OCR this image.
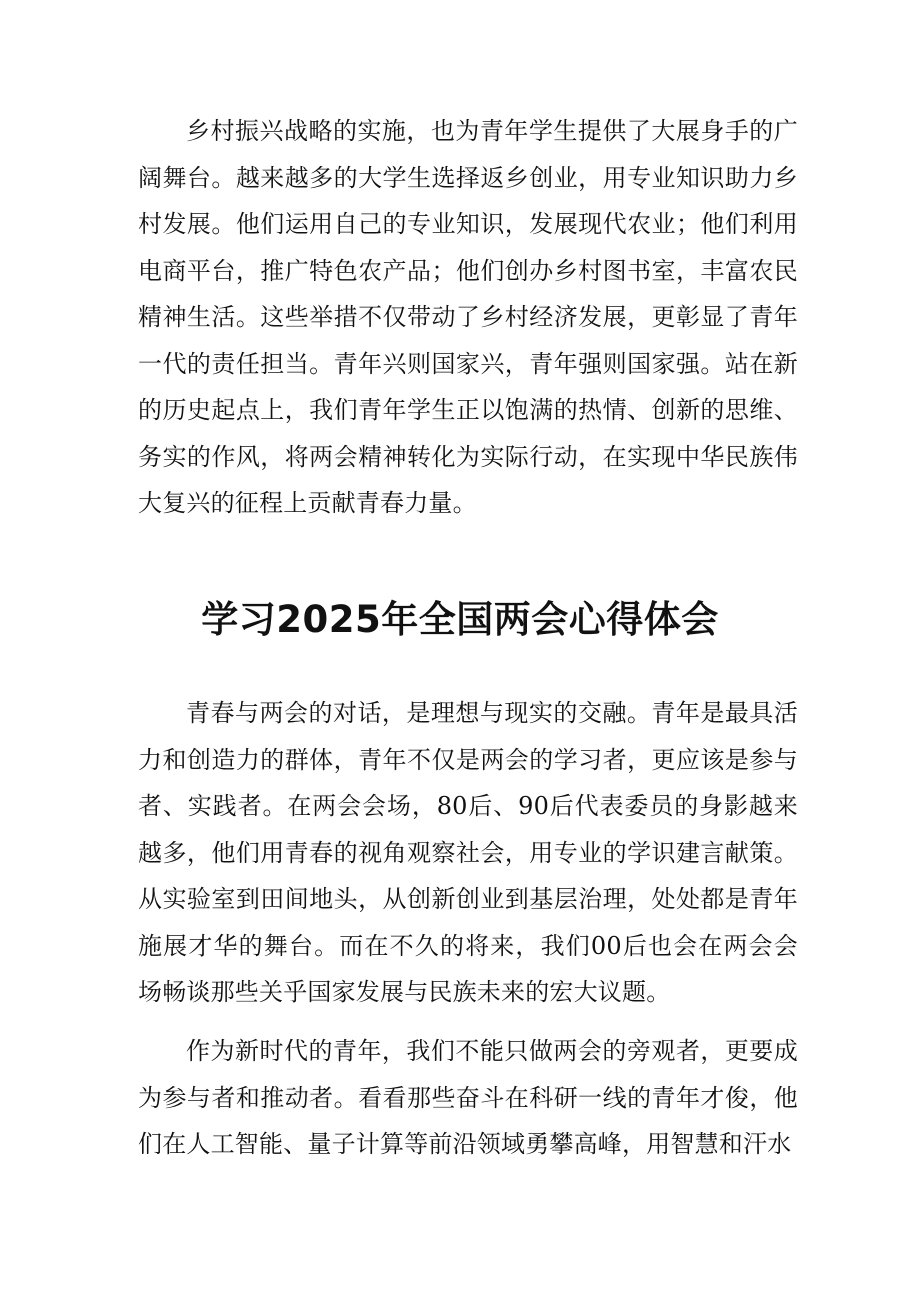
乡村振兴战略的实施，也为青年学生提供了大展身手的广阔舞台。越来越多的大学生选择返乡创业，用专业知识助力乡村发展。他们运用自己的专业知识，发展现代农业；他们利用电商平台，推广特色农产品；他们创办乡村图书室，丰富农民精神生活。这些举措不仅带动了乡村经济发展，更彰显了青年一代的责任担当。青年兴则国家兴，青年强则国家强。站在新的历史起点上，我们青年学生正以饱满的热情、创新的思维、务实的作风，将两会精神转化为实际行动，在实现中华民族伟大复兴的征程上贡献青春力量。

学习2025年全国两会心得体会

青春与两会的对话，是理想与现实的交融。青年是最具活力和创造力的群体，青年不仅是两会的学习者，更应该是参与者、实践者。在两会会场，80后、90后代表委员的身影越来越多，他们用青春的视角观察社会，用专业的学识建言献策。从实验室到田间地头，从创新创业到基层治理，处处都是青年施展才华的舞台。而在不久的将来，我们00后也会在两会会场畅谈那些关乎国家发展与民族未来的宏大议题。

作为新时代的青年，我们不能只做两会的旁观者，更要成为参与者和推动者。看看那些奋斗在科研一线的青年才俊，他们在人工智能、量子计算等前沿领域勇攀高峰，用智慧和汗水
